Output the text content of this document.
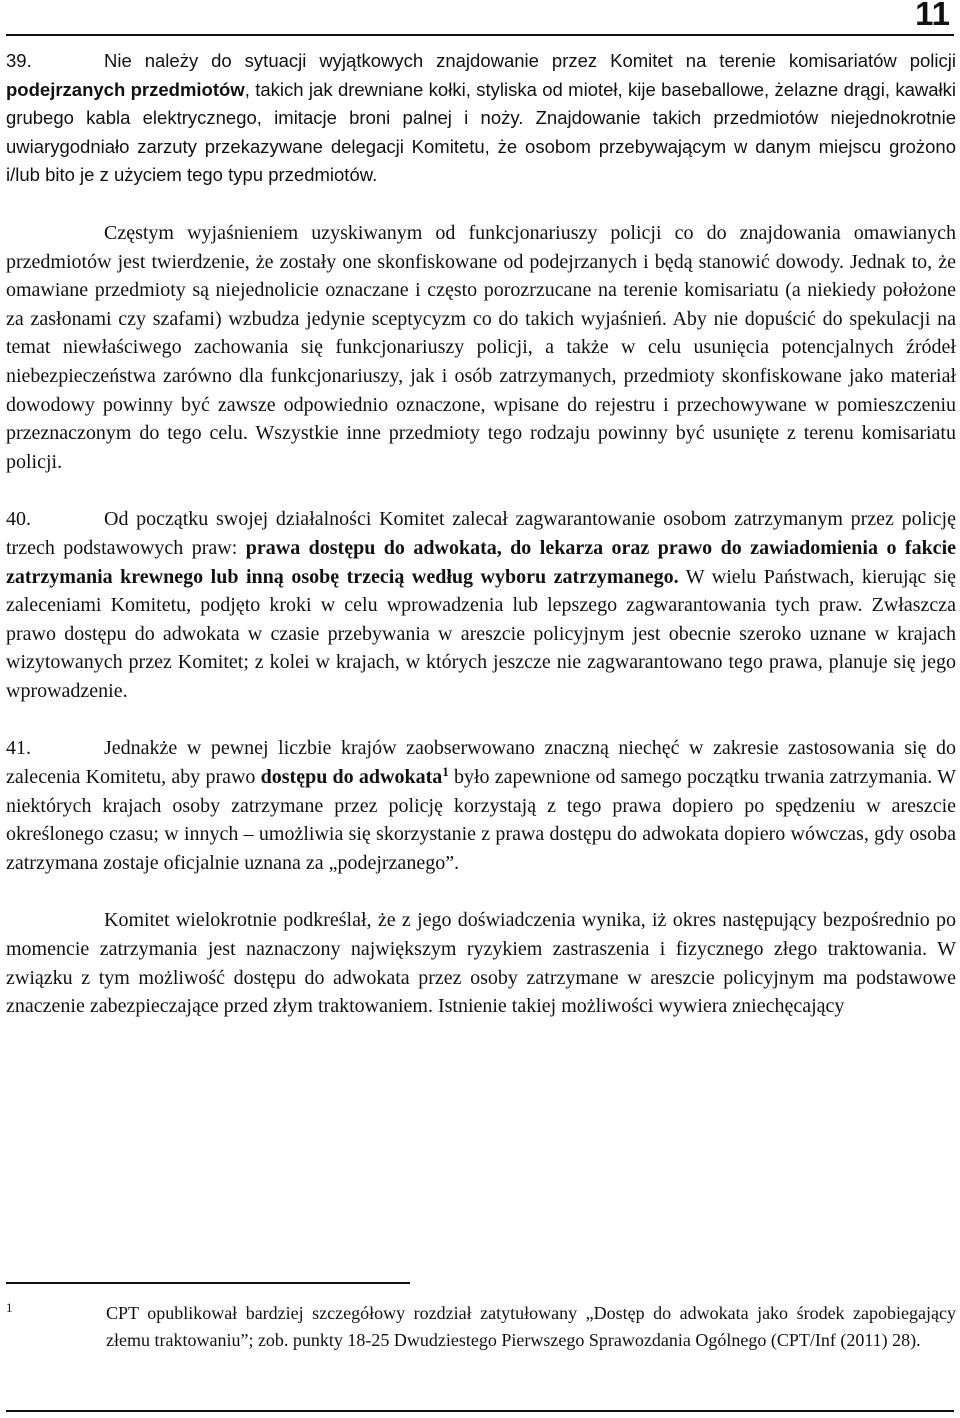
11

39.	Nie należy do sytuacji wyjątkowych znajdowanie przez Komitet na terenie komisariatów policji podejrzanych przedmiotów, takich jak drewniane kołki, styliska od mioteł, kije baseballowe, żelazne drągi, kawałki grubego kabla elektrycznego, imitacje broni palnej i noży. Znajdowanie takich przedmiotów niejednokrotnie uwiarygodniało zarzuty przekazywane delegacji Komitetu, że osobom przebywającym w danym miejscu grożono i/lub bito je z użyciem tego typu przedmiotów.

Częstym wyjaśnieniem uzyskiwanym od funkcjonariuszy policji co do znajdowania omawianych przedmiotów jest twierdzenie, że zostały one skonfiskowane od podejrzanych i będą stanowić dowody. Jednak to, że omawiane przedmioty są niejednolicie oznaczane i często porozrzucane na terenie komisariatu (a niekiedy położone za zasłonami czy szafami) wzbudza jedynie sceptycyzm co do takich wyjaśnień. Aby nie dopuścić do spekulacji na temat niewłaściwego zachowania się funkcjonariuszy policji, a także w celu usunięcia potencjalnych źródeł niebezpieczeństwa zarówno dla funkcjonariuszy, jak i osób zatrzymanych, przedmioty skonfiskowane jako materiał dowodowy powinny być zawsze odpowiednio oznaczone, wpisane do rejestru i przechowywane w pomieszczeniu przeznaczonym do tego celu. Wszystkie inne przedmioty tego rodzaju powinny być usunięte z terenu komisariatu policji.

40.	Od początku swojej działalności Komitet zalecał zagwarantowanie osobom zatrzymanym przez policję trzech podstawowych praw: prawa dostępu do adwokata, do lekarza oraz prawo do zawiadomienia o fakcie zatrzymania krewnego lub inną osobę trzecią według wyboru zatrzymanego. W wielu Państwach, kierując się zaleceniami Komitetu, podjęto kroki w celu wprowadzenia lub lepszego zagwarantowania tych praw. Zwłaszcza prawo dostępu do adwokata w czasie przebywania w areszcie policyjnym jest obecnie szeroko uznane w krajach wizytowanych przez Komitet; z kolei w krajach, w których jeszcze nie zagwarantowano tego prawa, planuje się jego wprowadzenie.

41.	Jednakże w pewnej liczbie krajów zaobserwowano znaczną niechęć w zakresie zastosowania się do zalecenia Komitetu, aby prawo dostępu do adwokata$^1$ było zapewnione od samego początku trwania zatrzymania. W niektórych krajach osoby zatrzymane przez policję korzystają z tego prawa dopiero po spędzeniu w areszcie określonego czasu; w innych – umożliwia się skorzystanie z prawa dostępu do adwokata dopiero wówczas, gdy osoba zatrzymana zostaje oficjalnie uznana za „podejrzanego”.

Komitet wielokrotnie podkreślał, że z jego doświadczenia wynika, iż okres następujący bezpośrednio po momencie zatrzymania jest naznaczony największym ryzykiem zastraszenia i fizycznego złego traktowania. W związku z tym możliwość dostępu do adwokata przez osoby zatrzymane w areszcie policyjnym ma podstawowe znaczenie zabezpieczające przed złym traktowaniem. Istnienie takiej możliwości wywiera zniechęcający

1	CPT opublikował bardziej szczegółowy rozdział zatytułowany „Dostęp do adwokata jako środek zapobiegający złemu traktowaniu”; zob. punkty 18-25 Dwudziestego Pierwszego Sprawozdania Ogólnego (CPT/Inf (2011) 28).
